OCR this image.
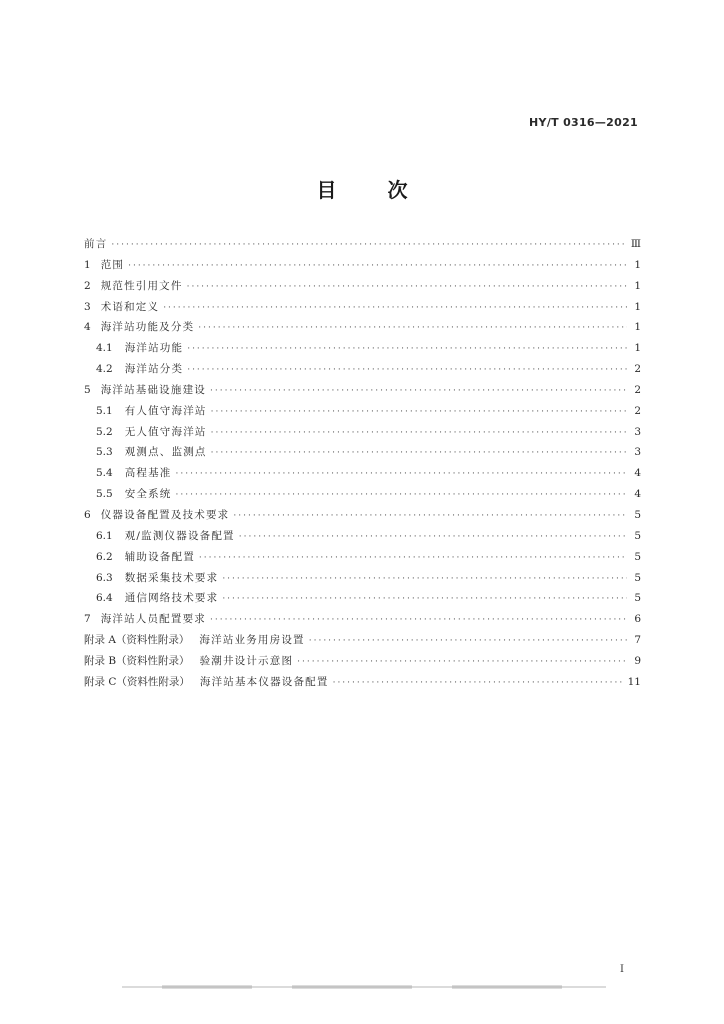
HY/T 0316—2021
目 次
前言 ·····	Ⅲ
1 范围 ·····	1
2 规范性引用文件 ·····	1
3 术语和定义 ·····	1
4 海洋站功能及分类 ·····	1
4.1 海洋站功能 ·····	1
4.2 海洋站分类 ·····	2
5 海洋站基础设施建设 ·····	2
5.1 有人值守海洋站 ·····	2
5.2 无人值守海洋站 ·····	3
5.3 观测点、监测点 ·····	3
5.4 高程基准 ·····	4
5.5 安全系统 ·····	4
6 仪器设备配置及技术要求 ·····	5
6.1 观/监测仪器设备配置 ·····	5
6.2 辅助设备配置 ·····	5
6.3 数据采集技术要求 ·····	5
6.4 通信网络技术要求 ·····	5
7 海洋站人员配置要求 ·····	6
附录 A（资料性附录） 海洋站业务用房设置 ·····	7
附录 B（资料性附录） 验潮井设计示意图 ·····	9
附录 C（资料性附录） 海洋站基本仪器设备配置 ·····	11
I
